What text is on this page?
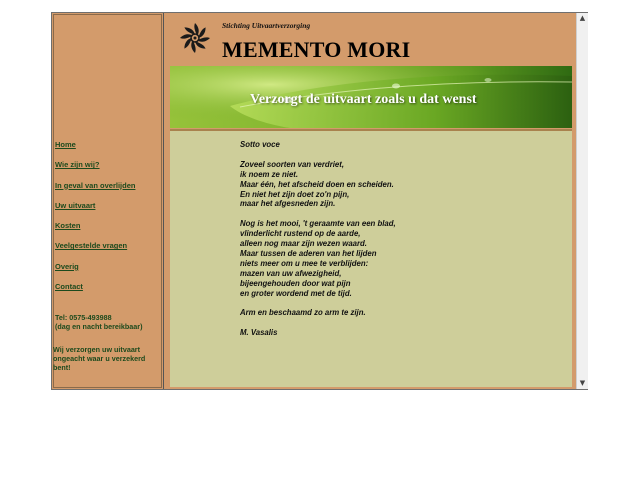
Home
Wie zijn wij?
In geval van overlijden
Uw uitvaart
Kosten
Veelgestelde vragen
Overig
Contact
Tel: 0575-493988
(dag en nacht bereikbaar)
Wij verzorgen uw uitvaart ongeacht waar u verzekerd bent!
Stichting Uitvaartverzorging
MEMENTO MORI
Verzorgt de uitvaart zoals u dat wenst
Sotto voce
Zoveel soorten van verdriet,
ik noem ze niet.
Maar één, het afscheid doen en scheiden.
En niet het zijn doet zo'n pijn,
maar het afgesneden zijn.
Nog is het mooi, 't geraamte van een blad,
vlinderlicht rustend op de aarde,
alleen nog maar zijn wezen waard.
Maar tussen de aderen van het lijden
niets meer om u mee te verblijden:
mazen van uw afwezigheid,
bijeengehouden door wat pijn
en groter wordend met de tijd.
Arm en beschaamd zo arm te zijn.
M. Vasalis
▲
▼
